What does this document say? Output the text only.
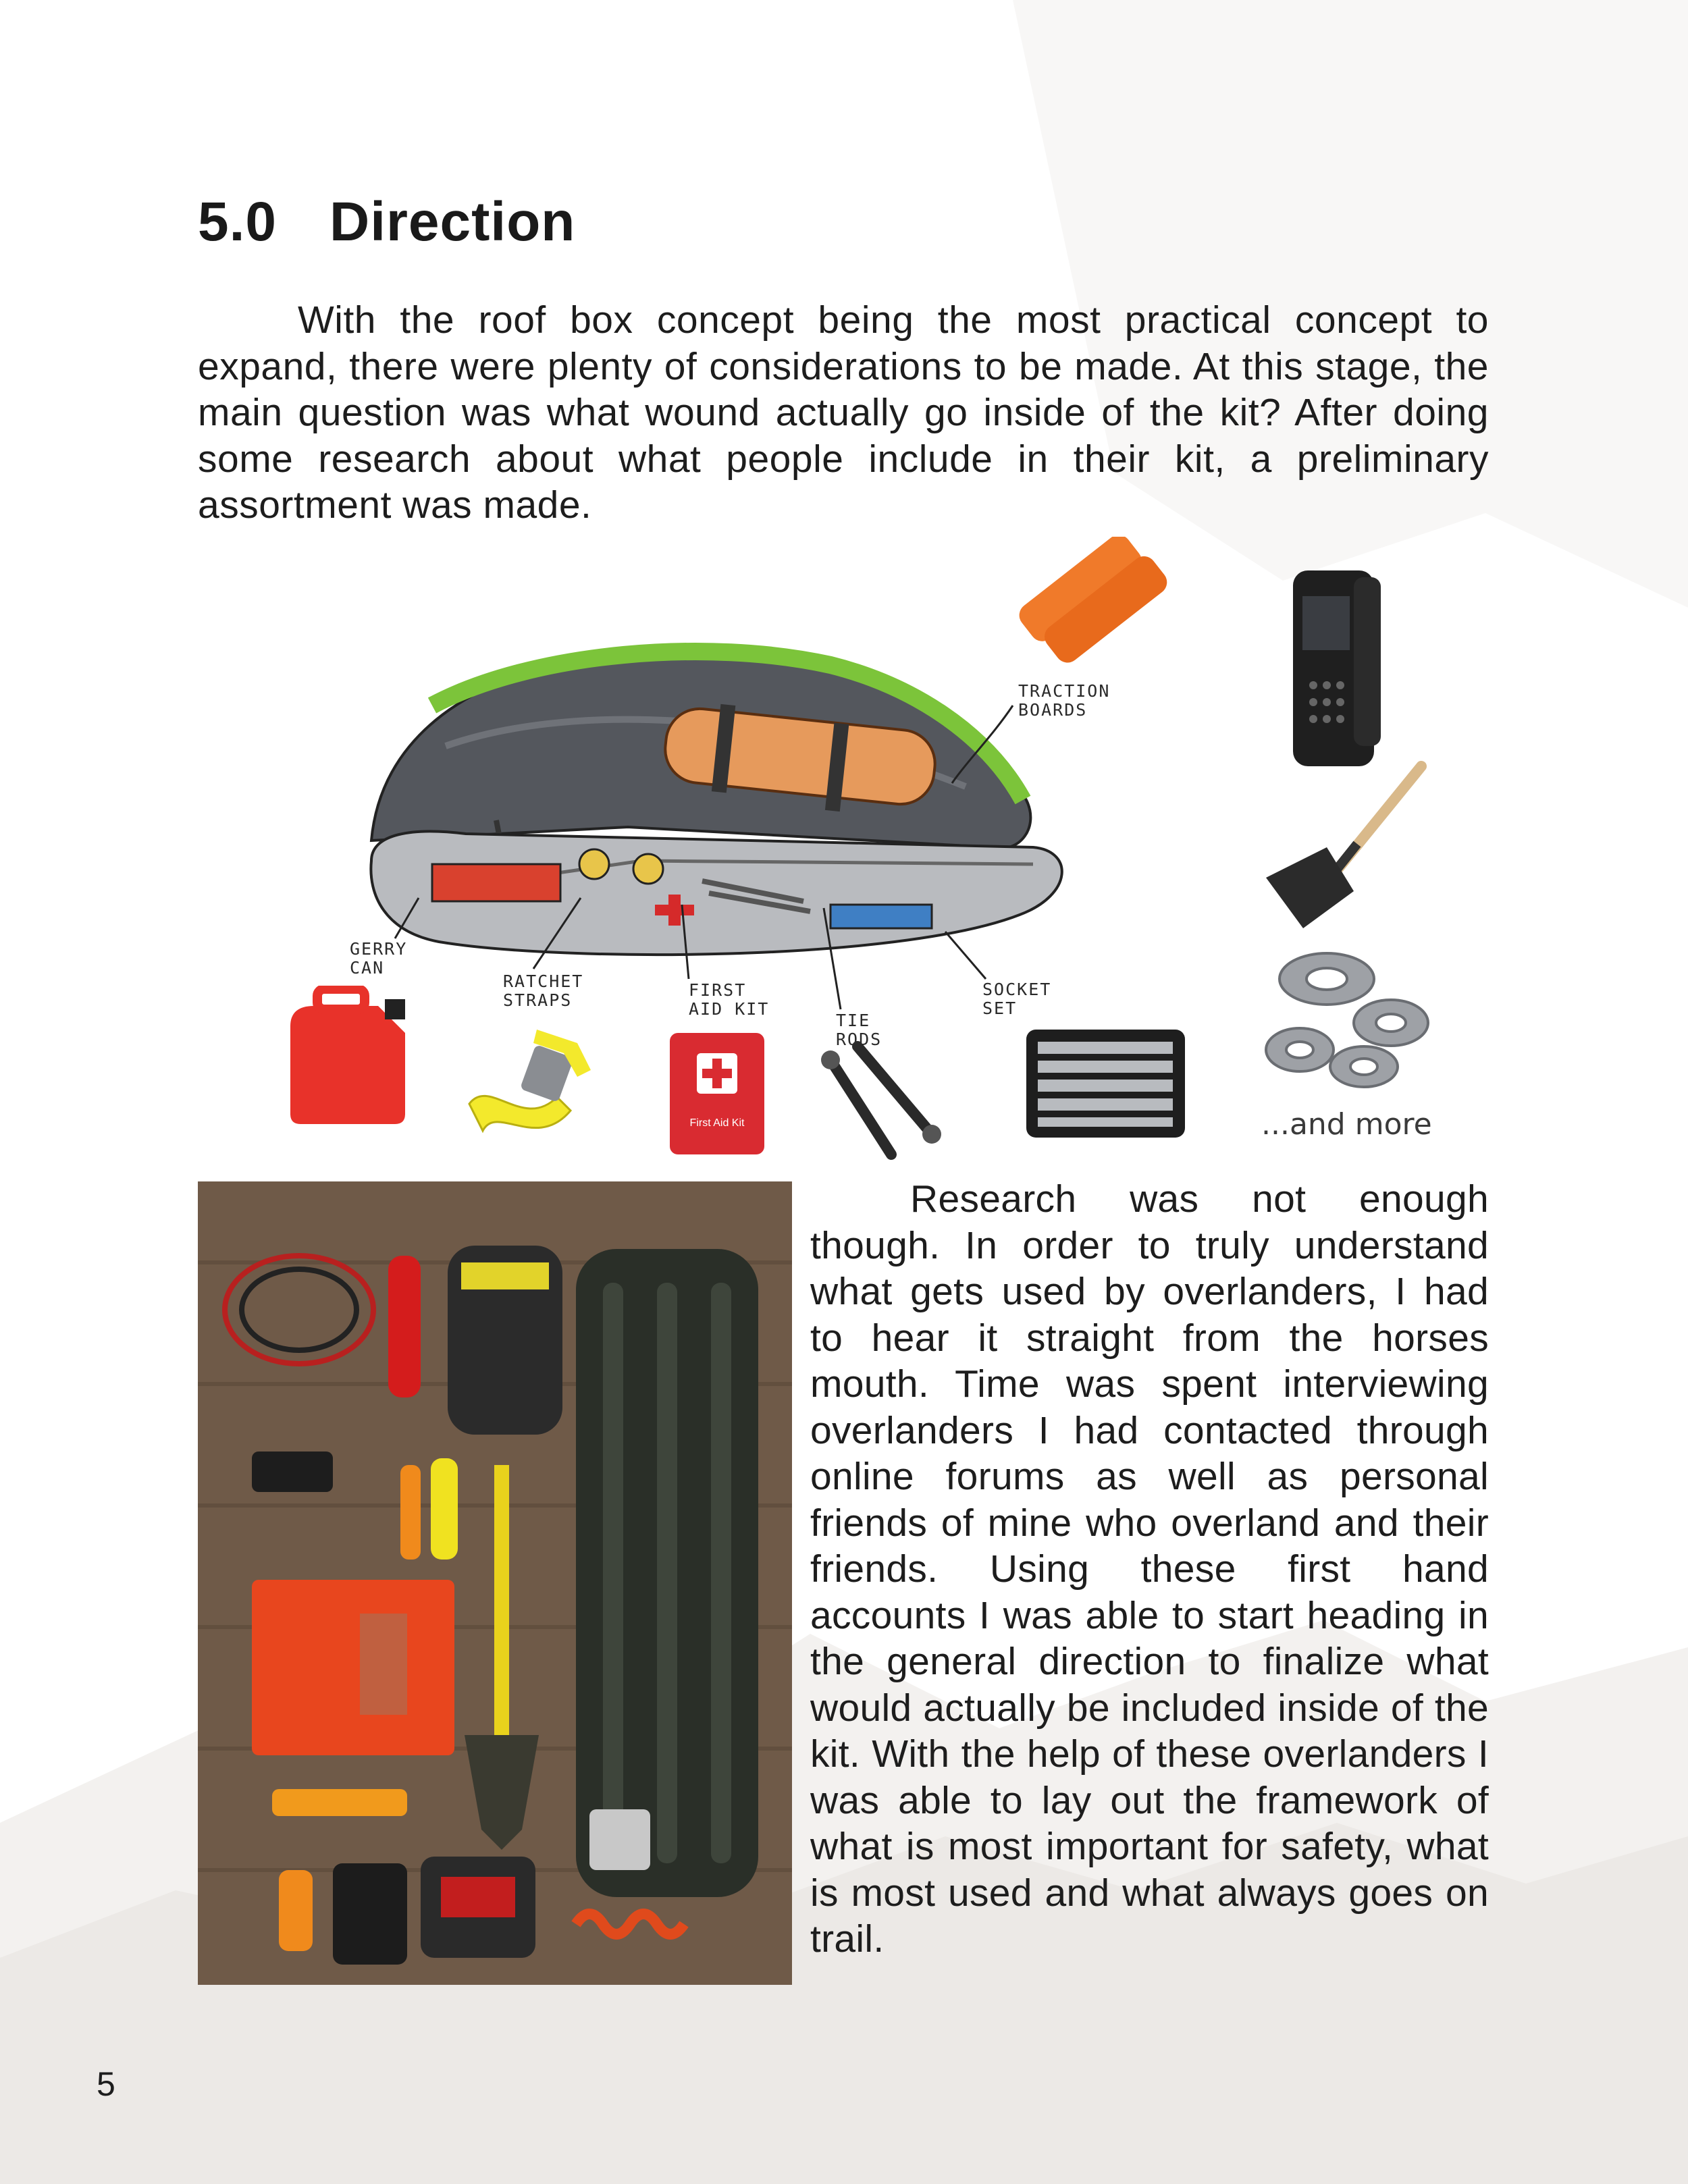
5.0 Direction

With the roof box concept being the most practical concept to expand, there were plenty of considerations to be made. At this stage, the main question was what wound actually go inside of the kit? After doing some research about what people include in their kit, a preliminary assortment was made.

TRACTION
BOARDS
GERRY
CAN
RATCHET
STRAPS
FIRST
AID KIT
TIE
RODS
SOCKET
SET

...and more

First Aid Kit

Research was not enough though. In order to truly understand what gets used by overlanders, I had to hear it straight from the horses mouth. Time was spent interviewing overlanders I had contacted through online forums as well as personal friends of mine who overland and their friends. Using these first hand accounts I was able to start heading in the general direction to finalize what would actually be included inside of the kit. With the help of these overlanders I was able to lay out the framework of what is most important for safety, what is most used and what always goes on trail.

5
